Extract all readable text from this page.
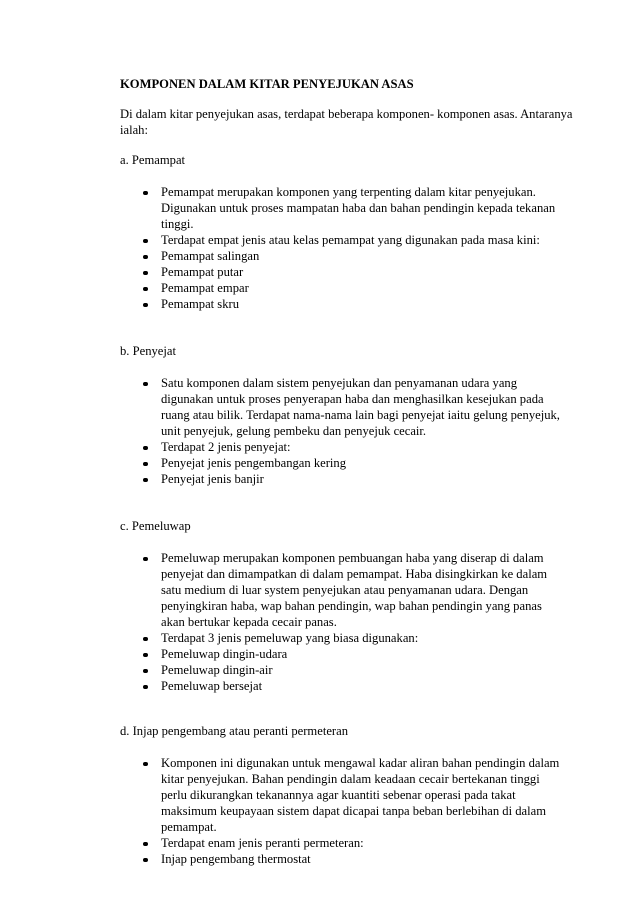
KOMPONEN DALAM KITAR PENYEJUKAN ASAS
Di dalam kitar penyejukan asas, terdapat beberapa komponen- komponen asas. Antaranya ialah:
a. Pemampat
Pemampat merupakan komponen yang terpenting dalam kitar penyejukan. Digunakan untuk proses mampatan haba dan bahan pendingin kepada tekanan tinggi.
Terdapat empat jenis atau kelas pemampat yang digunakan pada masa kini:
Pemampat salingan
Pemampat putar
Pemampat empar
Pemampat skru
b. Penyejat
Satu komponen dalam sistem penyejukan dan penyamanan udara yang digunakan untuk proses penyerapan haba dan menghasilkan kesejukan pada ruang atau bilik. Terdapat nama-nama lain bagi penyejat iaitu gelung penyejuk, unit penyejuk, gelung pembeku dan penyejuk cecair.
Terdapat 2 jenis penyejat:
Penyejat jenis pengembangan kering
Penyejat jenis banjir
c. Pemeluwap
Pemeluwap merupakan komponen pembuangan haba yang diserap di dalam penyejat dan dimampatkan di dalam pemampat. Haba disingkirkan ke dalam satu medium di luar system penyejukan atau penyamanan udara. Dengan penyingkiran haba, wap bahan pendingin, wap bahan pendingin yang panas akan bertukar kepada cecair panas.
Terdapat 3 jenis pemeluwap yang biasa digunakan:
Pemeluwap dingin-udara
Pemeluwap dingin-air
Pemeluwap bersejat
d. Injap pengembang atau peranti permeteran
Komponen ini digunakan untuk mengawal kadar aliran bahan pendingin dalam kitar penyejukan. Bahan pendingin dalam keadaan cecair bertekanan tinggi perlu dikurangkan tekanannya agar kuantiti sebenar operasi pada takat maksimum keupayaan sistem dapat dicapai tanpa beban berlebihan di dalam pemampat.
Terdapat enam jenis peranti permeteran:
Injap pengembang thermostat
